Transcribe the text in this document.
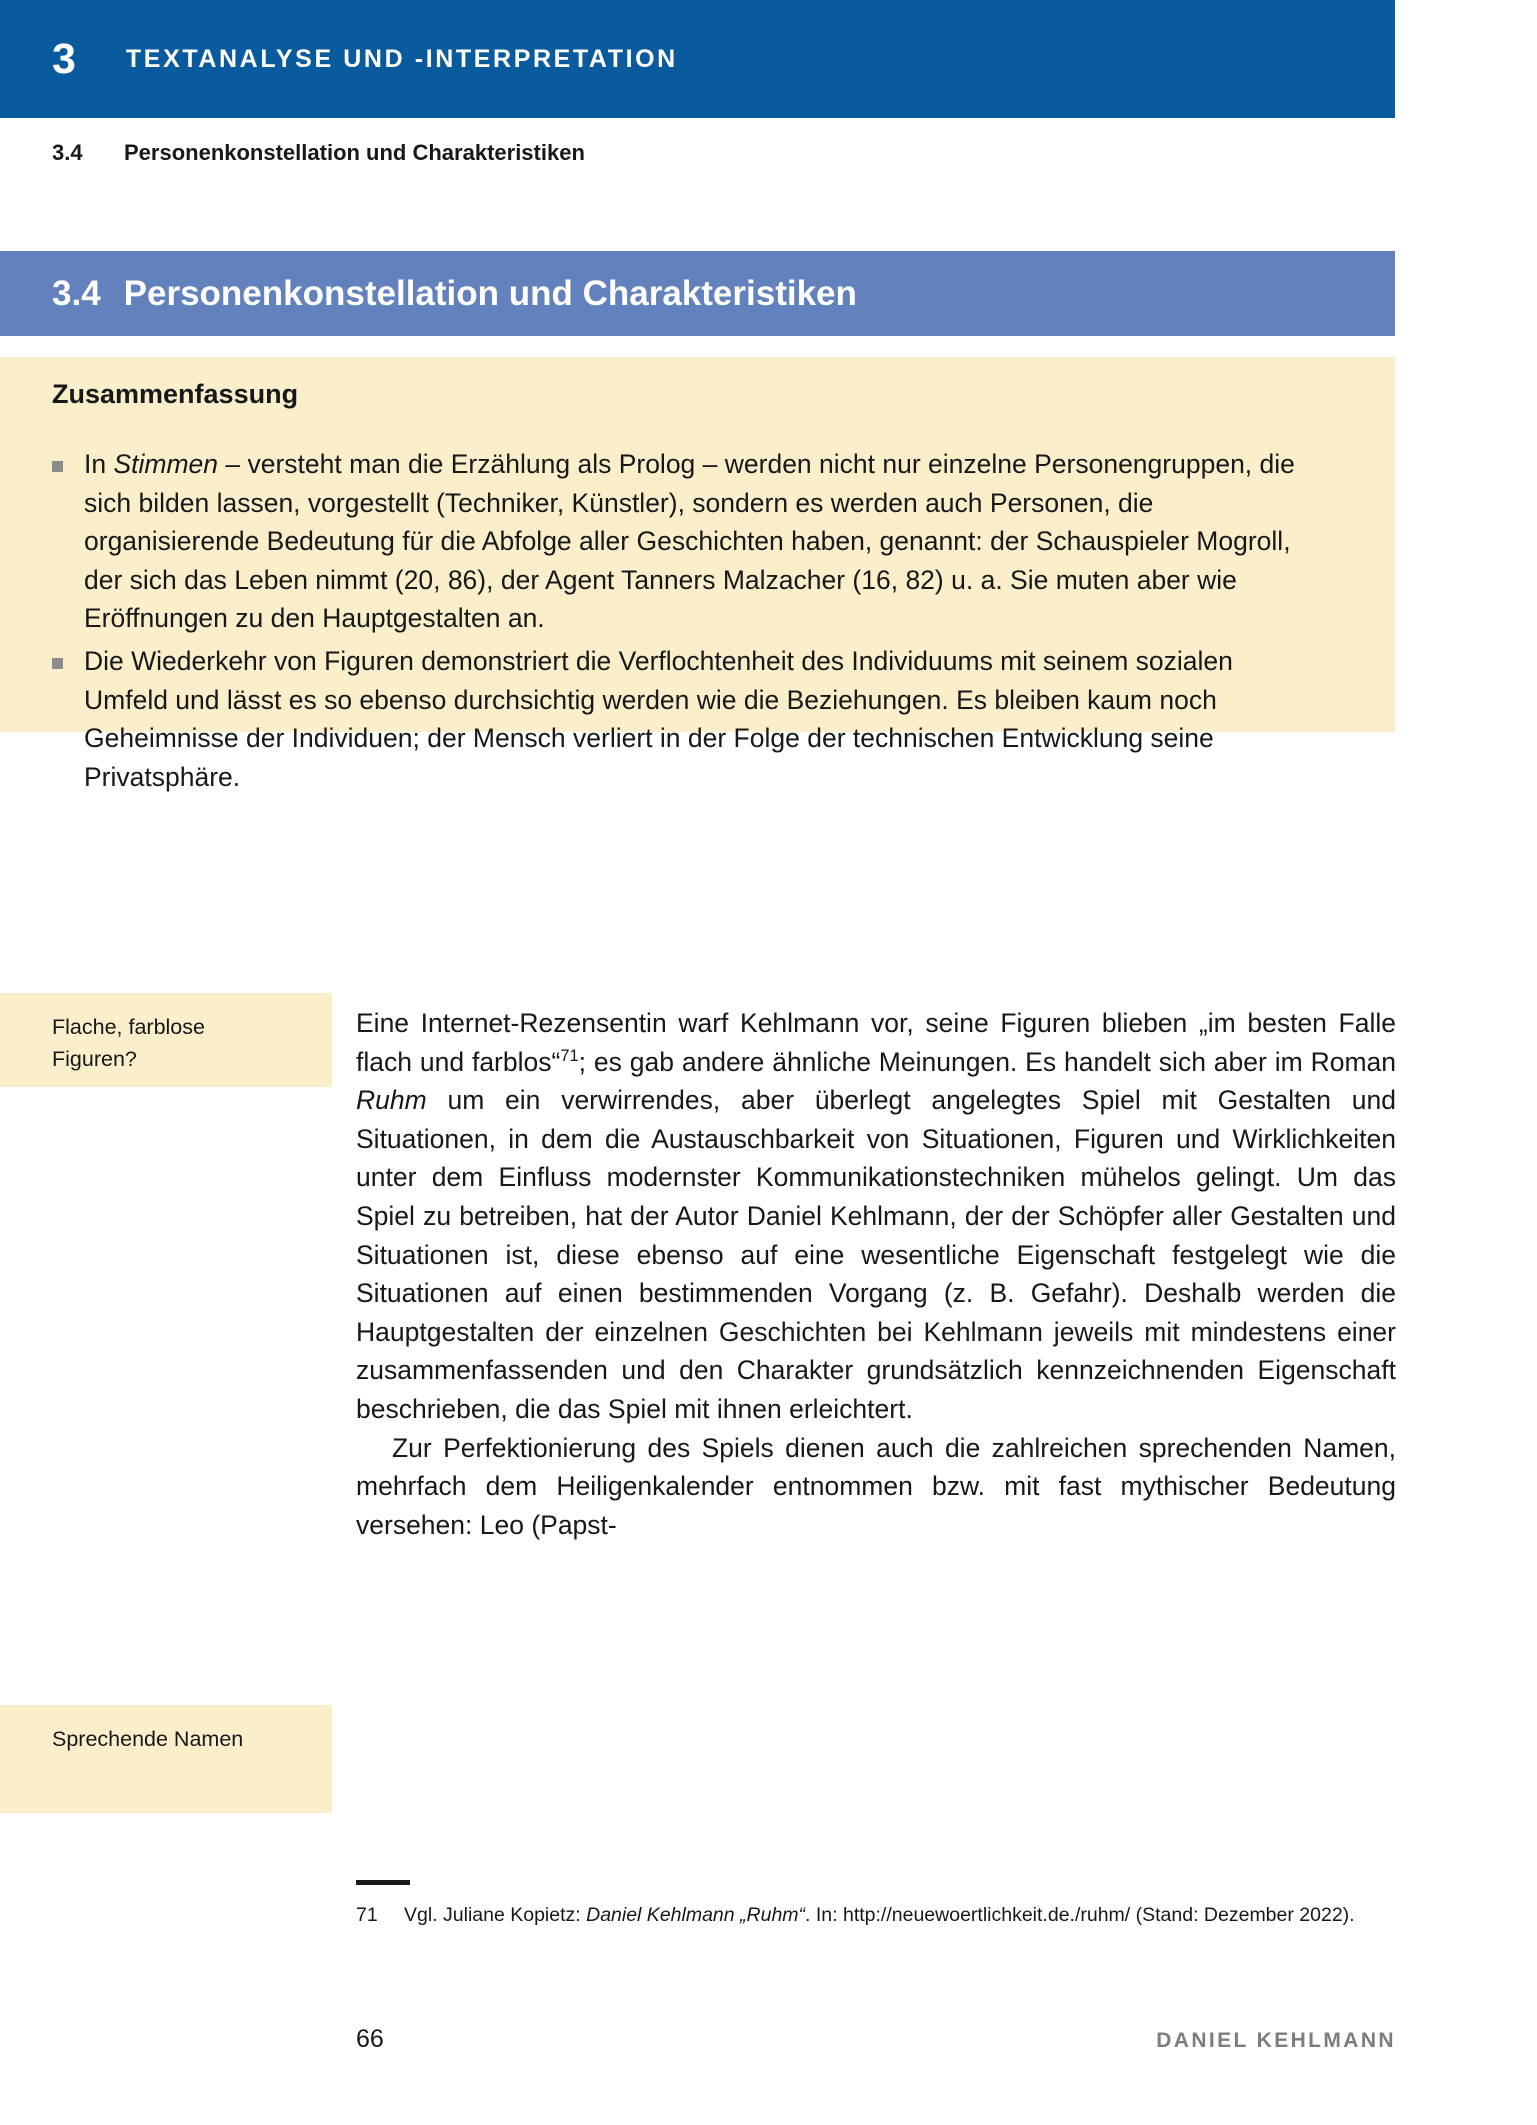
3 TEXTANALYSE UND -INTERPRETATION
3.4	Personenkonstellation und Charakteristiken
3.4 Personenkonstellation und Charakteristiken
Zusammenfassung
In Stimmen – versteht man die Erzählung als Prolog – werden nicht nur einzelne Personengruppen, die sich bilden lassen, vorgestellt (Techniker, Künstler), sondern es werden auch Personen, die organisierende Bedeutung für die Abfolge aller Geschichten haben, genannt: der Schauspieler Mogroll, der sich das Leben nimmt (20, 86), der Agent Tanners Malzacher (16, 82) u. a. Sie muten aber wie Eröffnungen zu den Hauptgestalten an.
Die Wiederkehr von Figuren demonstriert die Verflochtenheit des Individuums mit seinem sozialen Umfeld und lässt es so ebenso durchsichtig werden wie die Beziehungen. Es bleiben kaum noch Geheimnisse der Individuen; der Mensch verliert in der Folge der technischen Entwicklung seine Privatsphäre.
Flache, farblose Figuren?
Sprechende Namen

Eine Internet-Rezensentin warf Kehlmann vor, seine Figuren blieben „im besten Falle flach und farblos“$^{71}$; es gab andere ähnliche Meinungen. Es handelt sich aber im Roman Ruhm um ein verwirrendes, aber überlegt angelegtes Spiel mit Gestalten und Situationen, in dem die Austauschbarkeit von Situationen, Figuren und Wirklichkeiten unter dem Einfluss modernster Kommunikationstechniken mühelos gelingt. Um das Spiel zu betreiben, hat der Autor Daniel Kehlmann, der der Schöpfer aller Gestalten und Situationen ist, diese ebenso auf eine wesentliche Eigenschaft festgelegt wie die Situationen auf einen bestimmenden Vorgang (z. B. Gefahr). Deshalb werden die Hauptgestalten der einzelnen Geschichten bei Kehlmann jeweils mit mindestens einer zusammenfassenden und den Charakter grundsätzlich kennzeichnenden Eigenschaft beschrieben, die das Spiel mit ihnen erleichtert.

Zur Perfektionierung des Spiels dienen auch die zahlreichen sprechenden Namen, mehrfach dem Heiligenkalender entnommen bzw. mit fast mythischer Bedeutung versehen: Leo (Papst-

71	Vgl. Juliane Kopietz: Daniel Kehlmann „Ruhm“. In: http://neuewoertlichkeit.de./ruhm/ (Stand: Dezember 2022).
66	DANIEL KEHLMANN
